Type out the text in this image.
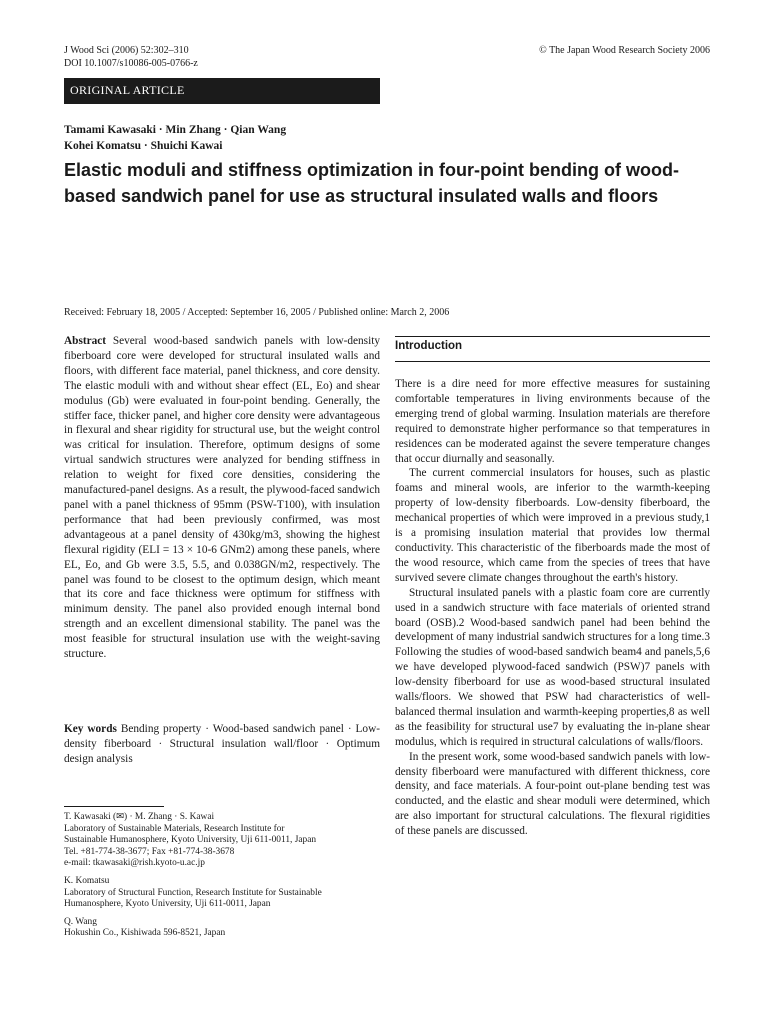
J Wood Sci (2006) 52:302–310
DOI 10.1007/s10086-005-0766-z
© The Japan Wood Research Society 2006
ORIGINAL ARTICLE
Tamami Kawasaki · Min Zhang · Qian Wang
Kohei Komatsu · Shuichi Kawai
Elastic moduli and stiffness optimization in four-point bending of wood-based sandwich panel for use as structural insulated walls and floors
Received: February 18, 2005 / Accepted: September 16, 2005 / Published online: March 2, 2006

Abstract Several wood-based sandwich panels with low-density fiberboard core were developed for structural insulated walls and floors, with different face material, panel thickness, and core density. The elastic moduli with and without shear effect (EL, Eo) and shear modulus (Gb) were evaluated in four-point bending. Generally, the stiffer face, thicker panel, and higher core density were advantageous in flexural and shear rigidity for structural use, but the weight control was critical for insulation. Therefore, optimum designs of some virtual sandwich structures were analyzed for bending stiffness in relation to weight for fixed core densities, considering the manufactured-panel designs. As a result, the plywood-faced sandwich panel with a panel thickness of 95mm (PSW-T100), with insulation performance that had been previously confirmed, was most advantageous at a panel density of 430kg/m3, showing the highest flexural rigidity (ELI = 13 × 10-6 GNm2) among these panels, where EL, Eo, and Gb were 3.5, 5.5, and 0.038GN/m2, respectively. The panel was found to be closest to the optimum design, which meant that its core and face thickness were optimum for stiffness with minimum density. The panel also provided enough internal bond strength and an excellent dimensional stability. The panel was the most feasible for structural insulation use with the weight-saving structure.

Key words Bending property · Wood-based sandwich panel · Low-density fiberboard · Structural insulation wall/floor · Optimum design analysis

T. Kawasaki (✉) · M. Zhang · S. Kawai
Laboratory of Sustainable Materials, Research Institute for
Sustainable Humanosphere, Kyoto University, Uji 611-0011, Japan
Tel. +81-774-38-3677; Fax +81-774-38-3678
e-mail: tkawasaki@rish.kyoto-u.ac.jp
K. Komatsu
Laboratory of Structural Function, Research Institute for Sustainable
Humanosphere, Kyoto University, Uji 611-0011, Japan
Q. Wang
Hokushin Co., Kishiwada 596-8521, Japan
Introduction

There is a dire need for more effective measures for sustaining comfortable temperatures in living environments because of the emerging trend of global warming. Insulation materials are therefore required to demonstrate higher performance so that temperatures in residences can be moderated against the severe temperature changes that occur diurnally and seasonally.

The current commercial insulators for houses, such as plastic foams and mineral wools, are inferior to the warmth-keeping property of low-density fiberboards. Low-density fiberboard, the mechanical properties of which were improved in a previous study,1 is a promising insulation material that provides low thermal conductivity. This characteristic of the fiberboards made the most of the wood resource, which came from the species of trees that have survived severe climate changes throughout the earth's history.

Structural insulated panels with a plastic foam core are currently used in a sandwich structure with face materials of oriented strand board (OSB).2 Wood-based sandwich panel had been behind the development of many industrial sandwich structures for a long time.3 Following the studies of wood-based sandwich beam4 and panels,5,6 we have developed plywood-faced sandwich (PSW)7 panels with low-density fiberboard for use as wood-based structural insulated walls/floors. We showed that PSW had characteristics of well-balanced thermal insulation and warmth-keeping properties,8 as well as the feasibility for structural use7 by evaluating the in-plane shear modulus, which is required in structural calculations of walls/floors.

In the present work, some wood-based sandwich panels with low-density fiberboard were manufactured with different thickness, core density, and face materials. A four-point out-plane bending test was conducted, and the elastic and shear moduli were determined, which are also important for structural calculations. The flexural rigidities of these panels are discussed.
